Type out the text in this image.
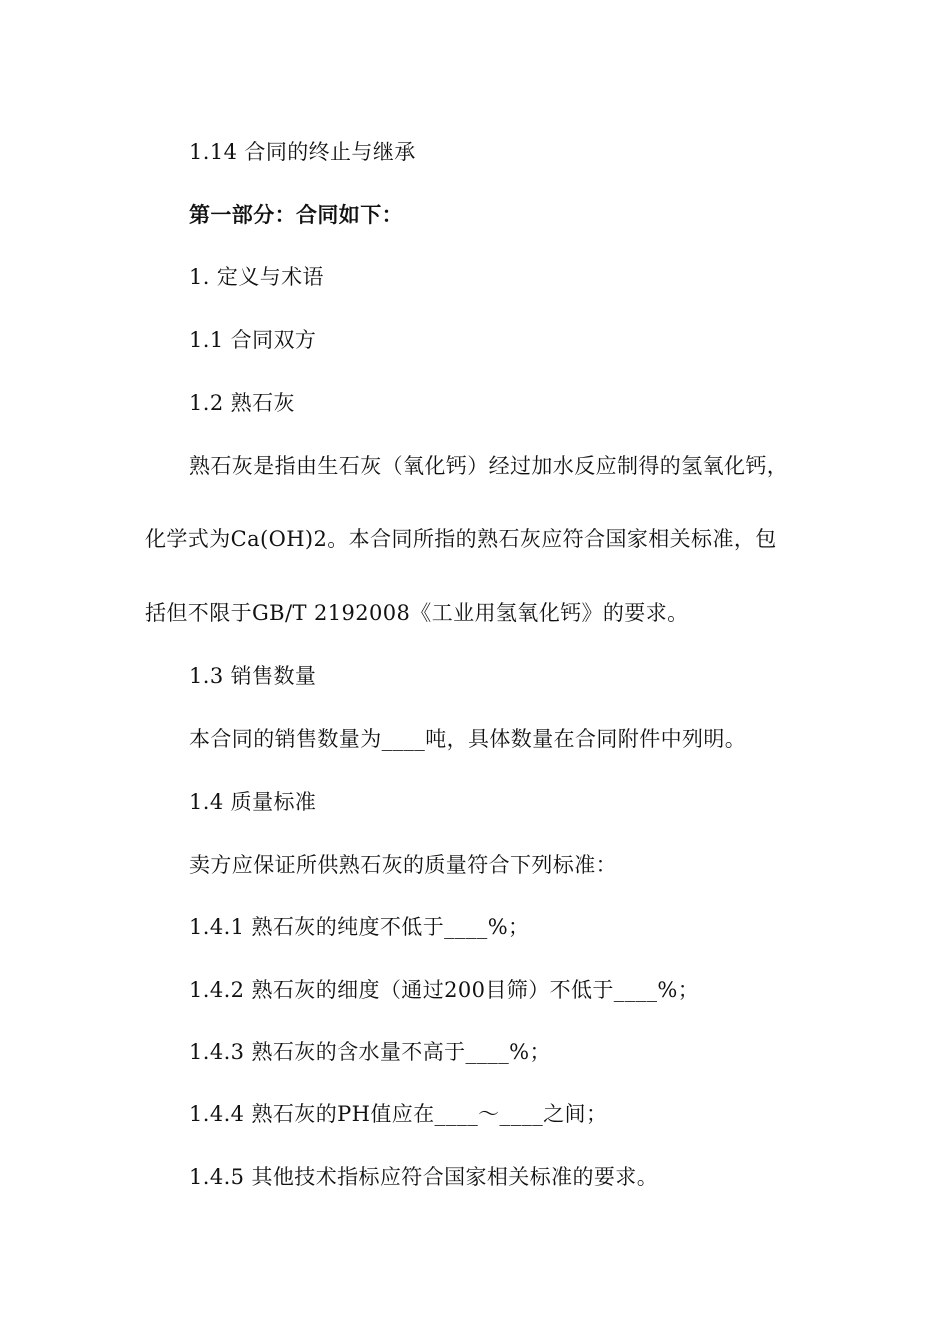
1.14 合同的终止与继承
第一部分：合同如下：
1. 定义与术语
1.1 合同双方
1.2 熟石灰
熟石灰是指由生石灰（氧化钙）经过加水反应制得的氢氧化钙，
化学式为Ca(OH)2。本合同所指的熟石灰应符合国家相关标准，包
括但不限于GB/T 2192008《工业用氢氧化钙》的要求。
1.3 销售数量
本合同的销售数量为____吨，具体数量在合同附件中列明。
1.4 质量标准
卖方应保证所供熟石灰的质量符合下列标准：
1.4.1 熟石灰的纯度不低于____%；
1.4.2 熟石灰的细度（通过200目筛）不低于____%；
1.4.3 熟石灰的含水量不高于____%；
1.4.4 熟石灰的PH值应在____～____之间；
1.4.5 其他技术指标应符合国家相关标准的要求。
